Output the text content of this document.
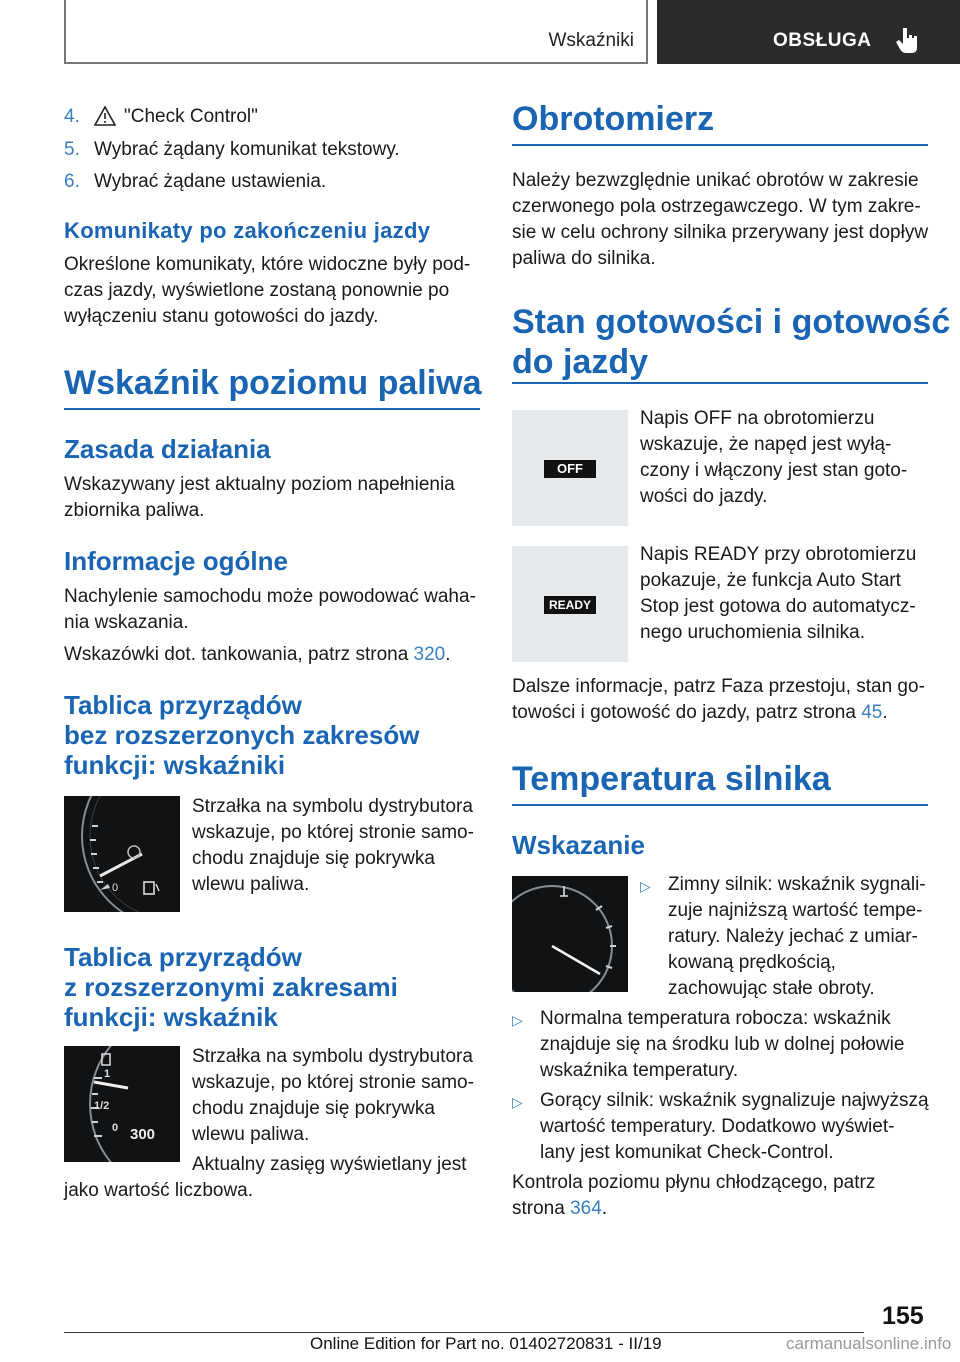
Wskaźniki	OBSŁUGA
4. "Check Control"
5. Wybrać żądany komunikat tekstowy.
6. Wybrać żądane ustawienia.
Komunikaty po zakończeniu jazdy
Określone komunikaty, które widoczne były pod-
czas jazdy, wyświetlone zostaną ponownie po
wyłączeniu stanu gotowości do jazdy.
Wskaźnik poziomu paliwa
Zasada działania
Wskazywany jest aktualny poziom napełnienia
zbiornika paliwa.
Informacje ogólne
Nachylenie samochodu może powodować waha-
nia wskazania.
Wskazówki dot. tankowania, patrz strona 320.
Tablica przyrządów
bez rozszerzonych zakresów
funkcji: wskaźniki
0
Strzałka na symbolu dystrybutora
wskazuje, po której stronie samo-
chodu znajduje się pokrywka
wlewu paliwa.
Tablica przyrządów
z rozszerzonymi zakresami
funkcji: wskaźnik
1
1/2
0 300
Strzałka na symbolu dystrybutora
wskazuje, po której stronie samo-
chodu znajduje się pokrywka
wlewu paliwa.
Aktualny zasięg wyświetlany jest
jako wartość liczbowa.
Obrotomierz
Należy bezwzględnie unikać obrotów w zakresie
czerwonego pola ostrzegawczego. W tym zakre-
sie w celu ochrony silnika przerywany jest dopływ
paliwa do silnika.
Stan gotowości i gotowość
do jazdy
OFF
Napis OFF na obrotomierzu
wskazuje, że napęd jest wyłą-
czony i włączony jest stan goto-
wości do jazdy.
READY
Napis READY przy obrotomierzu
pokazuje, że funkcja Auto Start
Stop jest gotowa do automatycz-
nego uruchomienia silnika.
Dalsze informacje, patrz Faza przestoju, stan go-
towości i gotowość do jazdy, patrz strona 45.
Temperatura silnika
Wskazanie
▷ Zimny silnik: wskaźnik sygnali-
zuje najniższą wartość tempe-
ratury. Należy jechać z umiar-
kowaną prędkością,
zachowując stałe obroty.
▷ Normalna temperatura robocza: wskaźnik
znajduje się na środku lub w dolnej połowie
wskaźnika temperatury.
▷ Gorący silnik: wskaźnik sygnalizuje najwyższą
wartość temperatury. Dodatkowo wyświet-
lany jest komunikat Check-Control.
Kontrola poziomu płynu chłodzącego, patrz
strona 364.
155
Online Edition for Part no. 01402720831 - II/19	carmanualsonline.info
